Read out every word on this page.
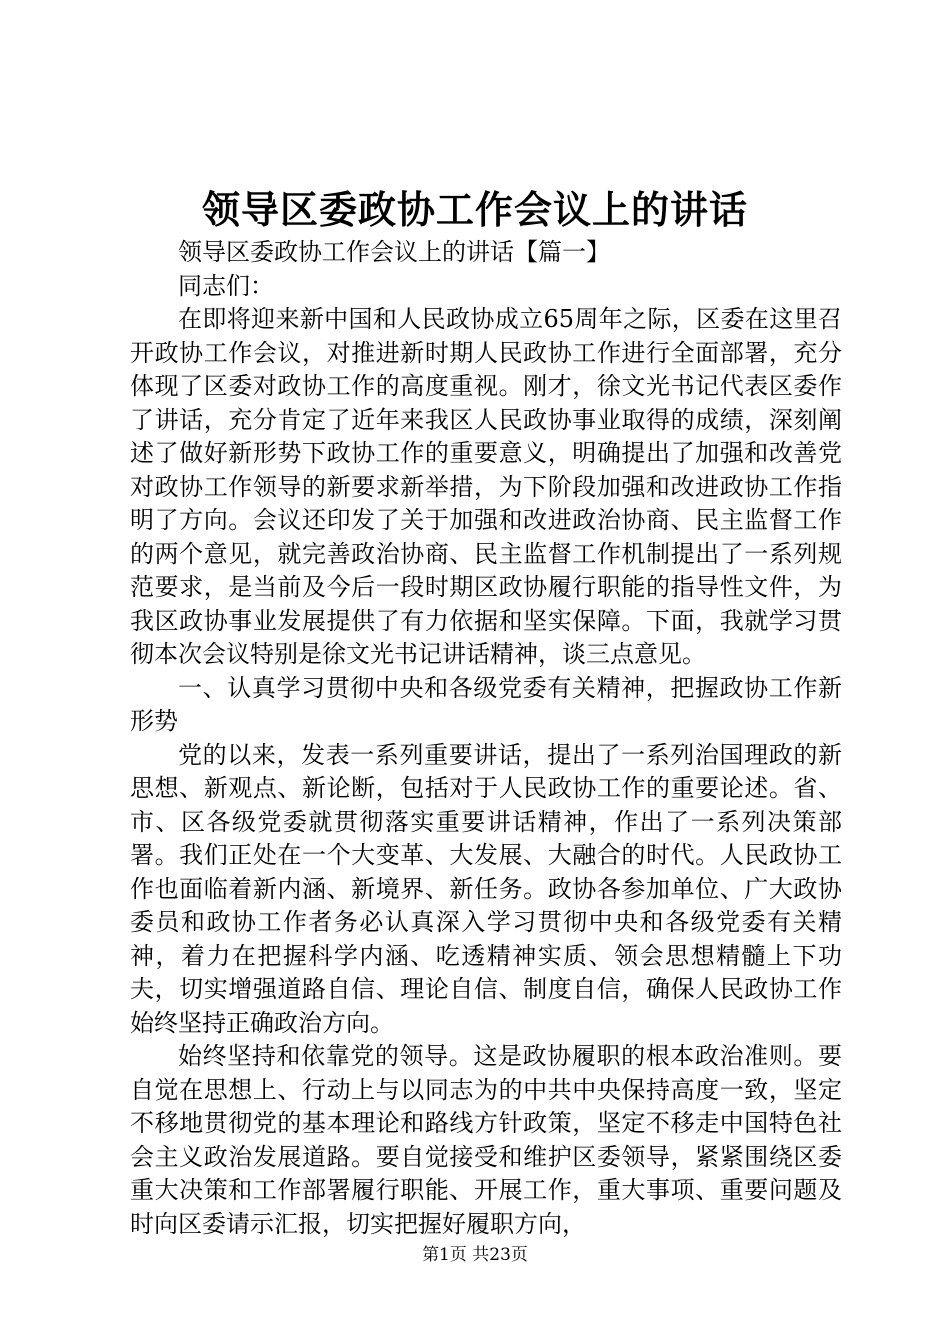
领导区委政协工作会议上的讲话

领导区委政协工作会议上的讲话【篇一】

同志们：

在即将迎来新中国和人民政协成立65周年之际，区委在这里召开政协工作会议，对推进新时期人民政协工作进行全面部署，充分体现了区委对政协工作的高度重视。刚才，徐文光书记代表区委作了讲话，充分肯定了近年来我区人民政协事业取得的成绩，深刻阐述了做好新形势下政协工作的重要意义，明确提出了加强和改善党对政协工作领导的新要求新举措，为下阶段加强和改进政协工作指明了方向。会议还印发了关于加强和改进政治协商、民主监督工作的两个意见，就完善政治协商、民主监督工作机制提出了一系列规范要求，是当前及今后一段时期区政协履行职能的指导性文件，为我区政协事业发展提供了有力依据和坚实保障。下面，我就学习贯彻本次会议特别是徐文光书记讲话精神，谈三点意见。

一、认真学习贯彻中央和各级党委有关精神，把握政协工作新形势

党的以来，发表一系列重要讲话，提出了一系列治国理政的新思想、新观点、新论断，包括对于人民政协工作的重要论述。省、市、区各级党委就贯彻落实重要讲话精神，作出了一系列决策部署。我们正处在一个大变革、大发展、大融合的时代。人民政协工作也面临着新内涵、新境界、新任务。政协各参加单位、广大政协委员和政协工作者务必认真深入学习贯彻中央和各级党委有关精神，着力在把握科学内涵、吃透精神实质、领会思想精髓上下功夫，切实增强道路自信、理论自信、制度自信，确保人民政协工作始终坚持正确政治方向。

始终坚持和依靠党的领导。这是政协履职的根本政治准则。要自觉在思想上、行动上与以同志为的中共中央保持高度一致，坚定不移地贯彻党的基本理论和路线方针政策，坚定不移走中国特色社会主义政治发展道路。要自觉接受和维护区委领导，紧紧围绕区委重大决策和工作部署履行职能、开展工作，重大事项、重要问题及时向区委请示汇报，切实把握好履职方向，

第1页 共23页
